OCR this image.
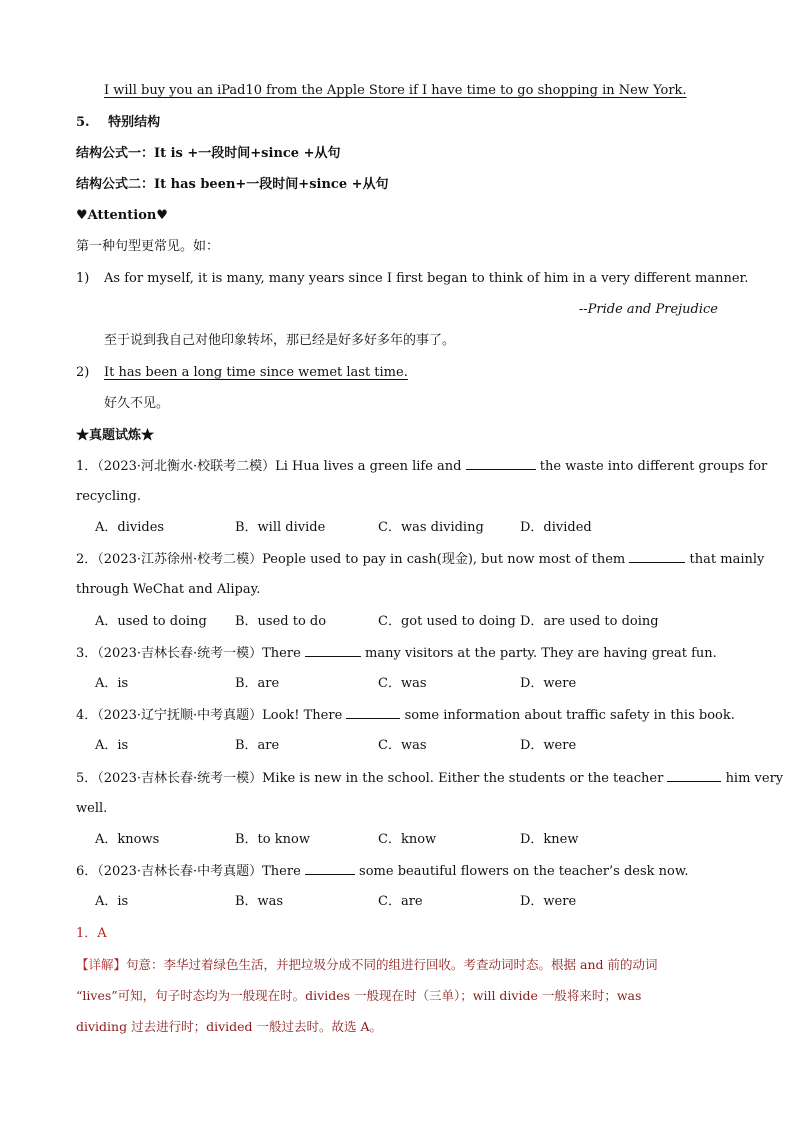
I will buy you an iPad10 from the Apple Store if I have time to go shopping in New York.
5. 特别结构
结构公式一：It is +一段时间+since +从句
结构公式二：It has been+一段时间+since +从句
♥Attention♥
第一种句型更常见。如：
1) As for myself, it is many, many years since I first began to think of him in a very different manner.
--Pride and Prejudice
至于说到我自己对他印象转坏，那已经是好多好多年的事了。
2) It has been a long time since wemet last time.
好久不见。
★真题试炼★
1．（2023·河北衡水·校联考二模）Li Hua lives a green life and	the waste into different groups for
recycling.
A．divides	B．will divide	C．was dividing	D．divided
2．（2023·江苏徐州·校考二模）People used to pay in cash(现金), but now most of them	that mainly
through WeChat and Alipay.
A．used to doing B．used to do	C．got used to doing D．are used to doing
3．（2023·吉林长春·统考一模）There	many visitors at the party. They are having great fun.
A．is	B．are	C．was	D．were
4．（2023·辽宁抚顺·中考真题）Look! There	some information about traffic safety in this book.
A．is	B．are	C．was	D．were
5．（2023·吉林长春·统考一模）Mike is new in the school. Either the students or the teacher	him very
well.
A．knows	B．to know	C．know	D．knew
6．（2023·吉林长春·中考真题）There	some beautiful flowers on the teacher’s desk now.
A．is	B．was	C．are	D．were
1．A
【详解】句意：李华过着绿色生活，并把垃圾分成不同的组进行回收。考查动词时态。根据 and 前的动词
“lives”可知，句子时态均为一般现在时。divides 一般现在时（三单）；will divide 一般将来时；was
dividing 过去进行时；divided 一般过去时。故选 A。
